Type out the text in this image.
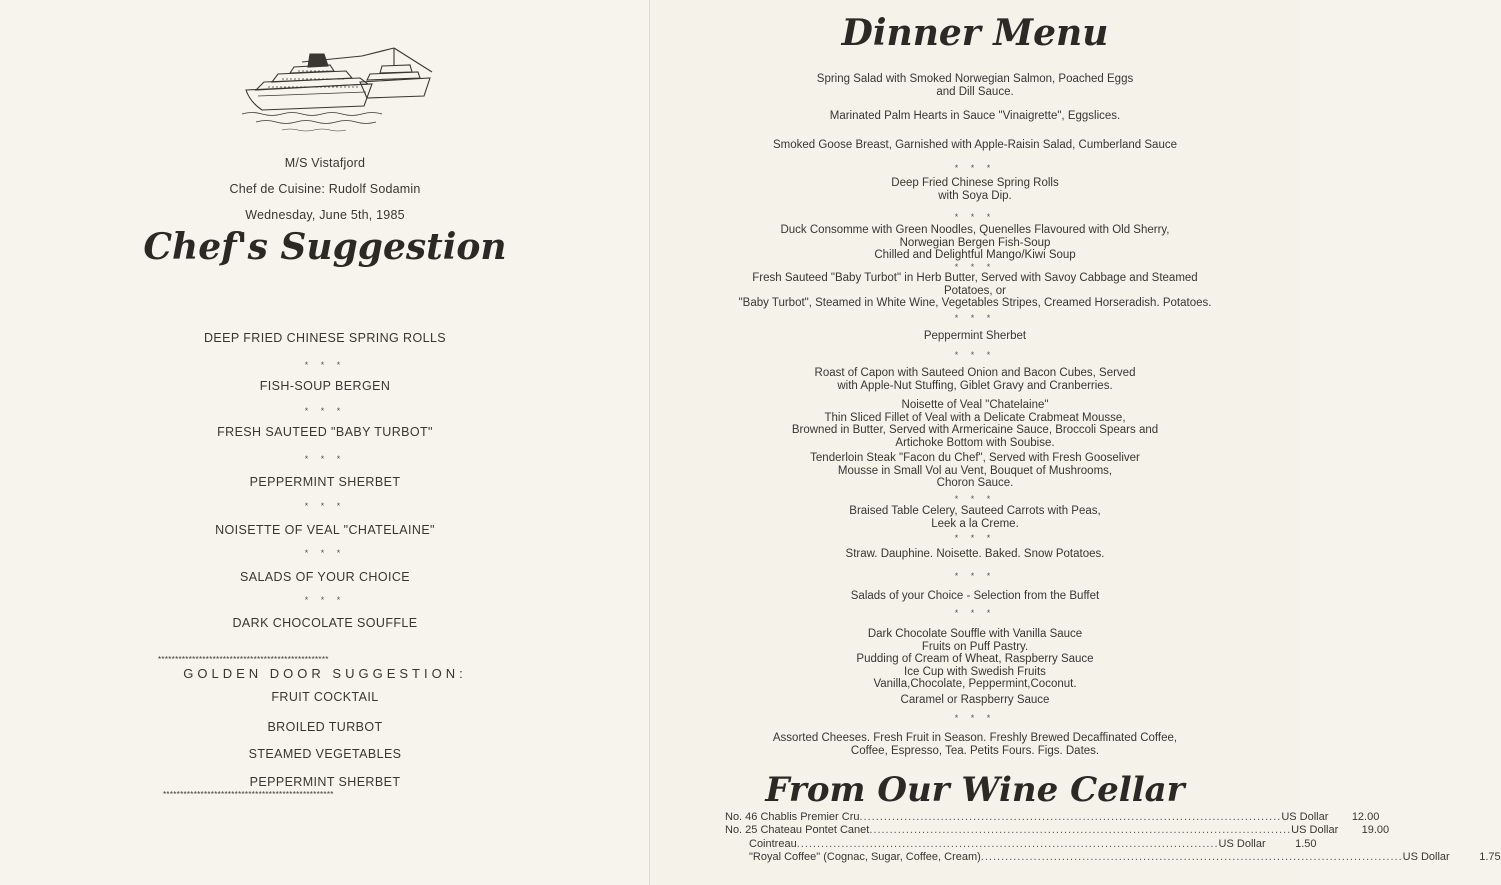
M/S Vistafjord
Chef de Cuisine: Rudolf Sodamin
Wednesday, June 5th, 1985
Chef's Suggestion
DEEP FRIED CHINESE SPRING ROLLS
* * *
FISH-SOUP BERGEN
* * *
FRESH SAUTEED "BABY TURBOT"
* * *
PEPPERMINT SHERBET
* * *
NOISETTE OF VEAL "CHATELAINE"
* * *
SALADS OF YOUR CHOICE
* * *
DARK CHOCOLATE SOUFFLE
**************************************************
GOLDEN DOOR SUGGESTION:
FRUIT COCKTAIL
BROILED TURBOT
STEAMED VEGETABLES
PEPPERMINT SHERBET
**************************************************
Dinner Menu
Spring Salad with Smoked Norwegian Salmon, Poached Eggs
and Dill Sauce.
Marinated Palm Hearts in Sauce "Vinaigrette", Eggslices.
Smoked Goose Breast, Garnished with Apple-Raisin Salad, Cumberland Sauce
* * *
Deep Fried Chinese Spring Rolls
with Soya Dip.
* * *
Duck Consomme with Green Noodles, Quenelles Flavoured with Old Sherry,
Norwegian Bergen Fish-Soup
Chilled and Delightful Mango/Kiwi Soup
* * *
Fresh Sauteed "Baby Turbot" in Herb Butter, Served with Savoy Cabbage and Steamed
Potatoes, or
"Baby Turbot", Steamed in White Wine, Vegetables Stripes, Creamed Horseradish. Potatoes.
* * *
Peppermint Sherbet
* * *
Roast of Capon with Sauteed Onion and Bacon Cubes, Served
with Apple-Nut Stuffing, Giblet Gravy and Cranberries.
Noisette of Veal "Chatelaine"
Thin Sliced Fillet of Veal with a Delicate Crabmeat Mousse,
Browned in Butter, Served with Armericaine Sauce, Broccoli Spears and
Artichoke Bottom with Soubise.
Tenderloin Steak "Facon du Chef", Served with Fresh Gooseliver
Mousse in Small Vol au Vent, Bouquet of Mushrooms,
Choron Sauce.
* * *
Braised Table Celery, Sauteed Carrots with Peas,
Leek a la Creme.
* * *
Straw. Dauphine. Noisette. Baked. Snow Potatoes.
* * *
Salads of your Choice - Selection from the Buffet
* * *
Dark Chocolate Souffle with Vanilla Sauce
Fruits on Puff Pastry.
Pudding of Cream of Wheat, Raspberry Sauce
Ice Cup with Swedish Fruits
Vanilla,Chocolate, Peppermint,Coconut.
Caramel or Raspberry Sauce
* * *
Assorted Cheeses. Fresh Fruit in Season. Freshly Brewed Decaffinated Coffee,
Coffee, Espresso, Tea. Petits Fours. Figs. Dates.
From Our Wine Cellar
No. 46 Chablis Premier Cru ........................................................................................................ US Dollar	12.00
No. 25 Chateau Pontet Canet ........................................................................................................ US Dollar	19.00
Cointreau ........................................................................................................ US Dollar	1.50
"Royal Coffee" (Cognac, Sugar, Coffee, Cream) ........................................................................................................ US Dollar	1.75
